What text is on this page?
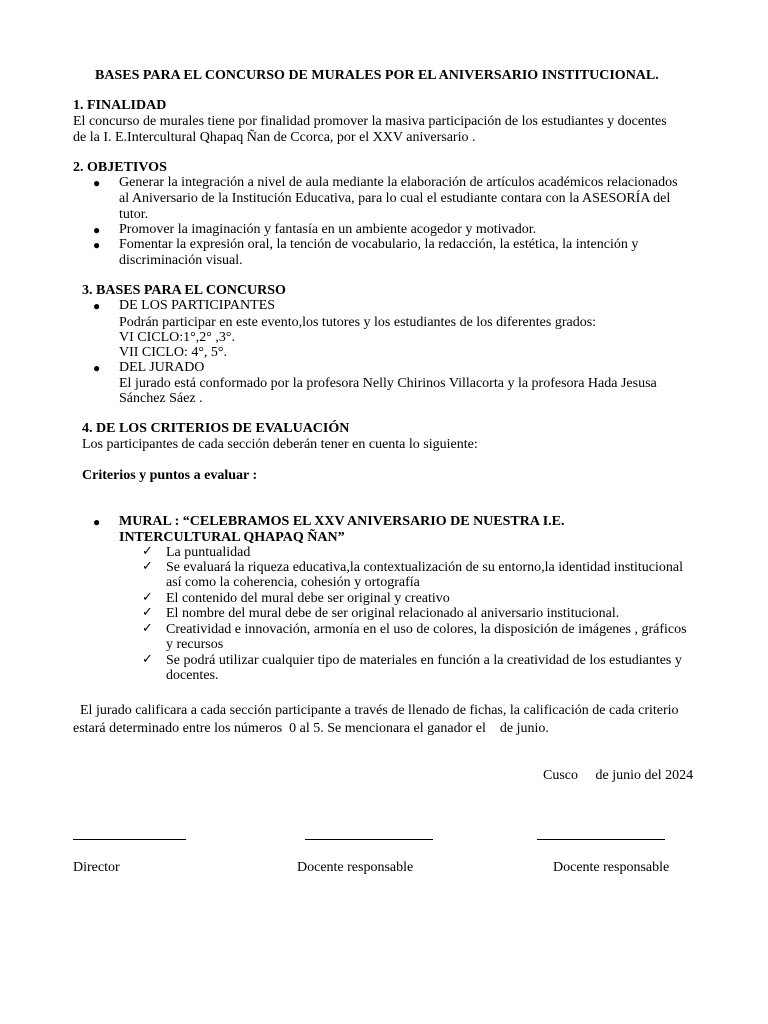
BASES PARA EL CONCURSO DE MURALES POR EL ANIVERSARIO INSTITUCIONAL.

1. FINALIDAD

El concurso de murales tiene por finalidad promover la masiva participación de los estudiantes y docentes

de la I. E.Intercultural Qhapaq Ñan de Ccorca, por el XXV aniversario .

2. OBJETIVOS

● Generar la integración a nivel de aula mediante la elaboración de artículos académicos relacionados

al Aniversario de la Institución Educativa, para lo cual el estudiante contara con la ASESORÍA del

tutor.

● Promover la imaginación y fantasía en un ambiente acogedor y motivador.

● Fomentar la expresión oral, la tención de vocabulario, la redacción, la estética, la intención y

discriminación visual.

3. BASES PARA EL CONCURSO

● DE LOS PARTICIPANTES

Podrán participar en este evento,los tutores y los estudiantes de los diferentes grados:

VI CICLO:1°,2° ,3°.

VII CICLO: 4°, 5°.

● DEL JURADO

El jurado está conformado por la profesora Nelly Chirinos Villacorta y la profesora Hada Jesusa

Sánchez Sáez .

4. DE LOS CRITERIOS DE EVALUACIÓN

Los participantes de cada sección deberán tener en cuenta lo siguiente:

Criterios y puntos a evaluar :

● MURAL : “CELEBRAMOS EL XXV ANIVERSARIO DE NUESTRA I.E.

INTERCULTURAL QHAPAQ ÑAN”

✓ La puntualidad

✓ Se evaluará la riqueza educativa,la contextualización de su entorno,la identidad institucional

así como la coherencia, cohesión y ortografía

✓ El contenido del mural debe ser original y creativo

✓ El nombre del mural debe de ser original relacionado al aniversario institucional.

✓ Creatividad e innovación, armonía en el uso de colores, la disposición de imágenes , gráficos

y recursos

✓ Se podrá utilizar cualquier tipo de materiales en función a la creatividad de los estudiantes y

docentes.

El jurado calificara a cada sección participante a través de llenado de fichas, la calificación de cada criterio

estará determinado entre los números  0 al 5. Se mencionara el ganador el    de junio.

Cusco     de junio del 2024

Director	Docente responsable	Docente responsable
